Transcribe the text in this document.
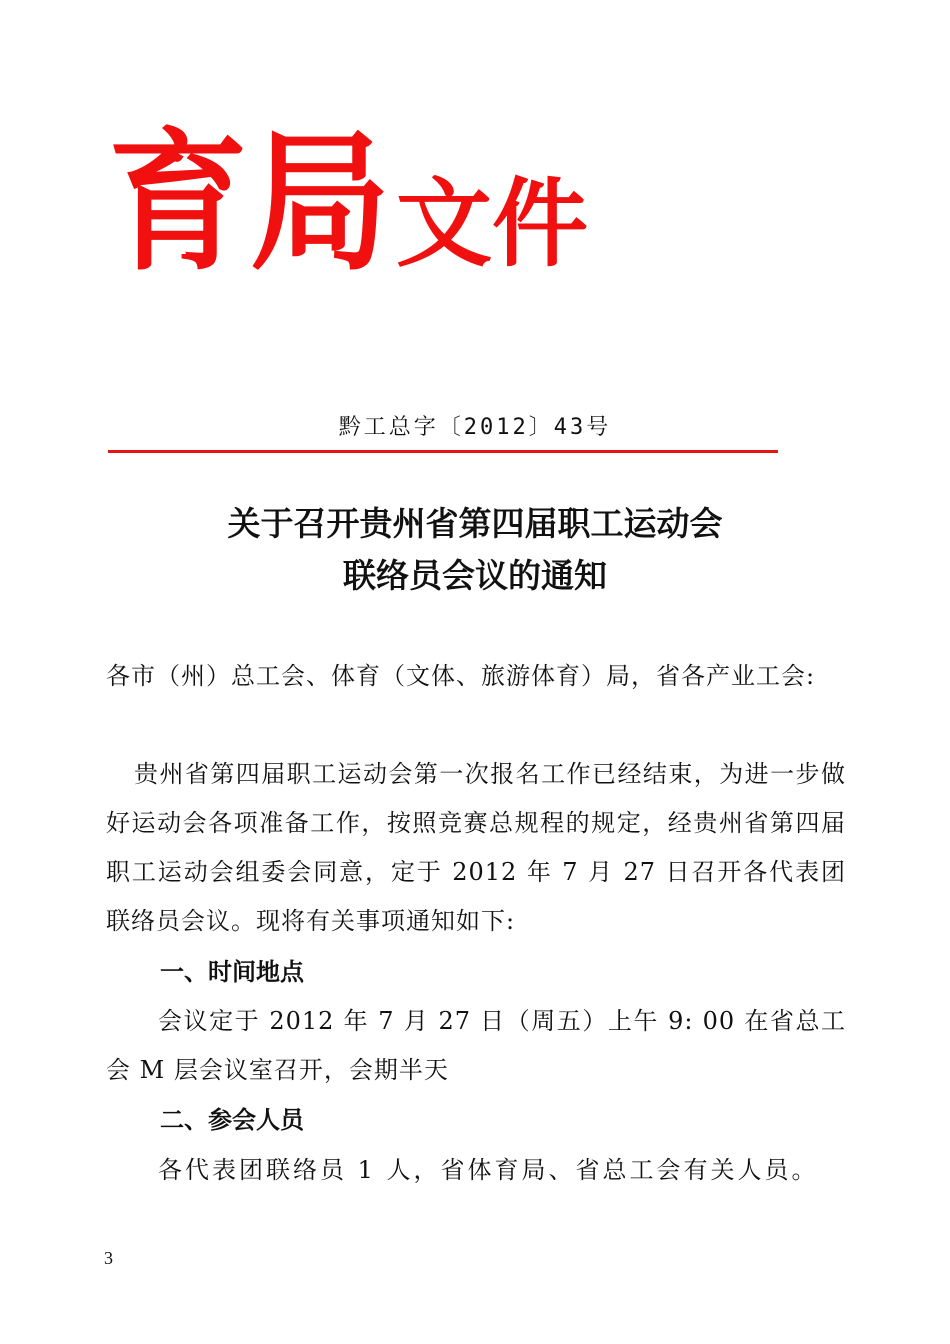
育局文件
黔工总字〔2012〕43号
关于召开贵州省第四届职工运动会
联络员会议的通知
各市（州）总工会、体育（文体、旅游体育）局，省各产业工会:
贵州省第四届职工运动会第一次报名工作已经结束，为进一步做好运动会各项准备工作，按照竞赛总规程的规定，经贵州省第四届职工运动会组委会同意，定于 2012 年 7 月 27 日召开各代表团联络员会议。现将有关事项通知如下:
一、时间地点
会议定于 2012 年 7 月 27 日（周五）上午 9: 00 在省总工会 M 层会议室召开，会期半天
二、参会人员
各代表团联络员 1 人，省体育局、省总工会有关人员。
3
